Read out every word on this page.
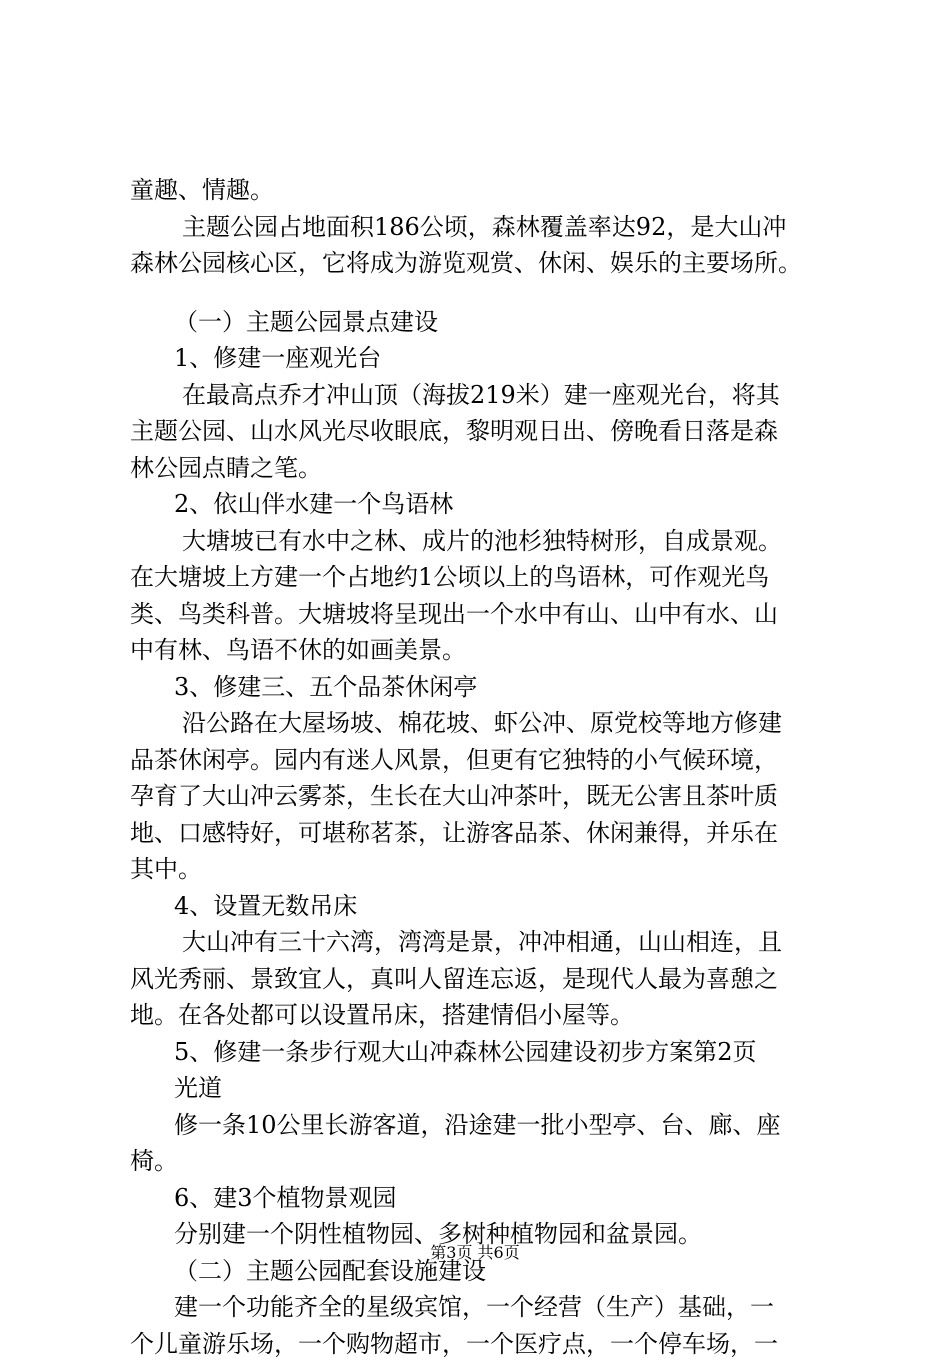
童趣、情趣。
主题公园占地面积186公顷，森林覆盖率达92，是大山冲
森林公园核心区，它将成为游览观赏、休闲、娱乐的主要场所。
（一）主题公园景点建设
1、修建一座观光台
在最高点乔才冲山顶（海拔219米）建一座观光台，将其
主题公园、山水风光尽收眼底，黎明观日出、傍晚看日落是森
林公园点睛之笔。
2、依山伴水建一个鸟语林
大塘坡已有水中之林、成片的池杉独特树形，自成景观。
在大塘坡上方建一个占地约1公顷以上的鸟语林，可作观光鸟
类、鸟类科普。大塘坡将呈现出一个水中有山、山中有水、山
中有林、鸟语不休的如画美景。
3、修建三、五个品茶休闲亭
沿公路在大屋场坡、棉花坡、虾公冲、原党校等地方修建
品茶休闲亭。园内有迷人风景，但更有它独特的小气候环境，
孕育了大山冲云雾茶，生长在大山冲茶叶，既无公害且茶叶质
地、口感特好，可堪称茗茶，让游客品茶、休闲兼得，并乐在
其中。
4、设置无数吊床
大山冲有三十六湾，湾湾是景，冲冲相通，山山相连，且
风光秀丽、景致宜人，真叫人留连忘返，是现代人最为喜憩之
地。在各处都可以设置吊床，搭建情侣小屋等。
5、修建一条步行观大山冲森林公园建设初步方案第2页
光道
修一条10公里长游客道，沿途建一批小型亭、台、廊、座
椅。
6、建3个植物景观园
分别建一个阴性植物园、多树种植物园和盆景园。
（二）主题公园配套设施建设
建一个功能齐全的星级宾馆，一个经营（生产）基础，一
个儿童游乐场，一个购物超市，一个医疗点，一个停车场，一
第3页 共6页
